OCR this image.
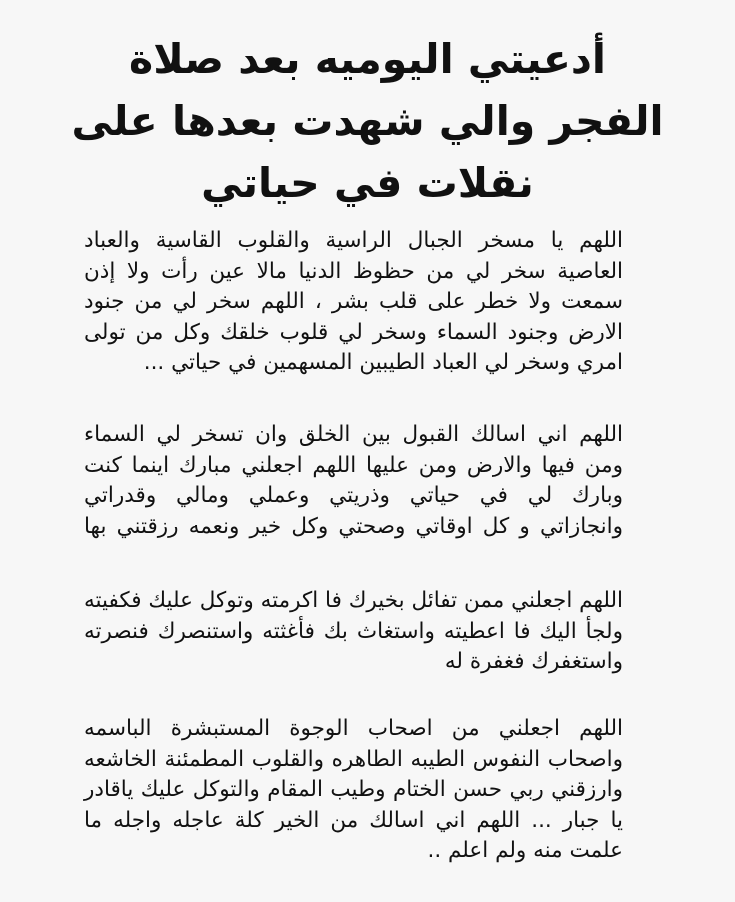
أدعيتي اليوميه بعد صلاة
الفجر والي شهدت بعدها على
نقلات في حياتي

اللهم يا مسخر الجبال الراسية والقلوب القاسية والعباد
العاصية سخر لي من حظوظ الدنيا مالا عين رأت ولا إذن
سمعت ولا خطر على قلب بشر ، اللهم سخر لي من جنود
الارض وجنود السماء وسخر لي قلوب خلقك وكل من تولى
امري وسخر لي العباد الطيبين المسهمين في حياتي ...

اللهم اني اسالك القبول بين الخلق وان تسخر لي السماء
ومن فيها والارض ومن عليها اللهم اجعلني مبارك اينما كنت
وبارك لي في حياتي وذريتي وعملي ومالي وقدراتي
وانجازاتي و كل اوقاتي وصحتي وكل خير ونعمه رزقتني بها

اللهم اجعلني ممن تفائل بخيرك فا اكرمته وتوكل عليك فكفيته
ولجأ اليك فا اعطيته واستغاث بك فأغثته واستنصرك فنصرته
واستغفرك فغفرة له

اللهم اجعلني من اصحاب الوجوة المستبشرة الباسمه
واصحاب النفوس الطيبه الطاهره والقلوب المطمئنة الخاشعه
وارزقني ربي حسن الختام وطيب المقام والتوكل عليك ياقادر
يا جبار ... اللهم اني اسالك من الخير كلة عاجله واجله ما
علمت منه ولم اعلم ..
